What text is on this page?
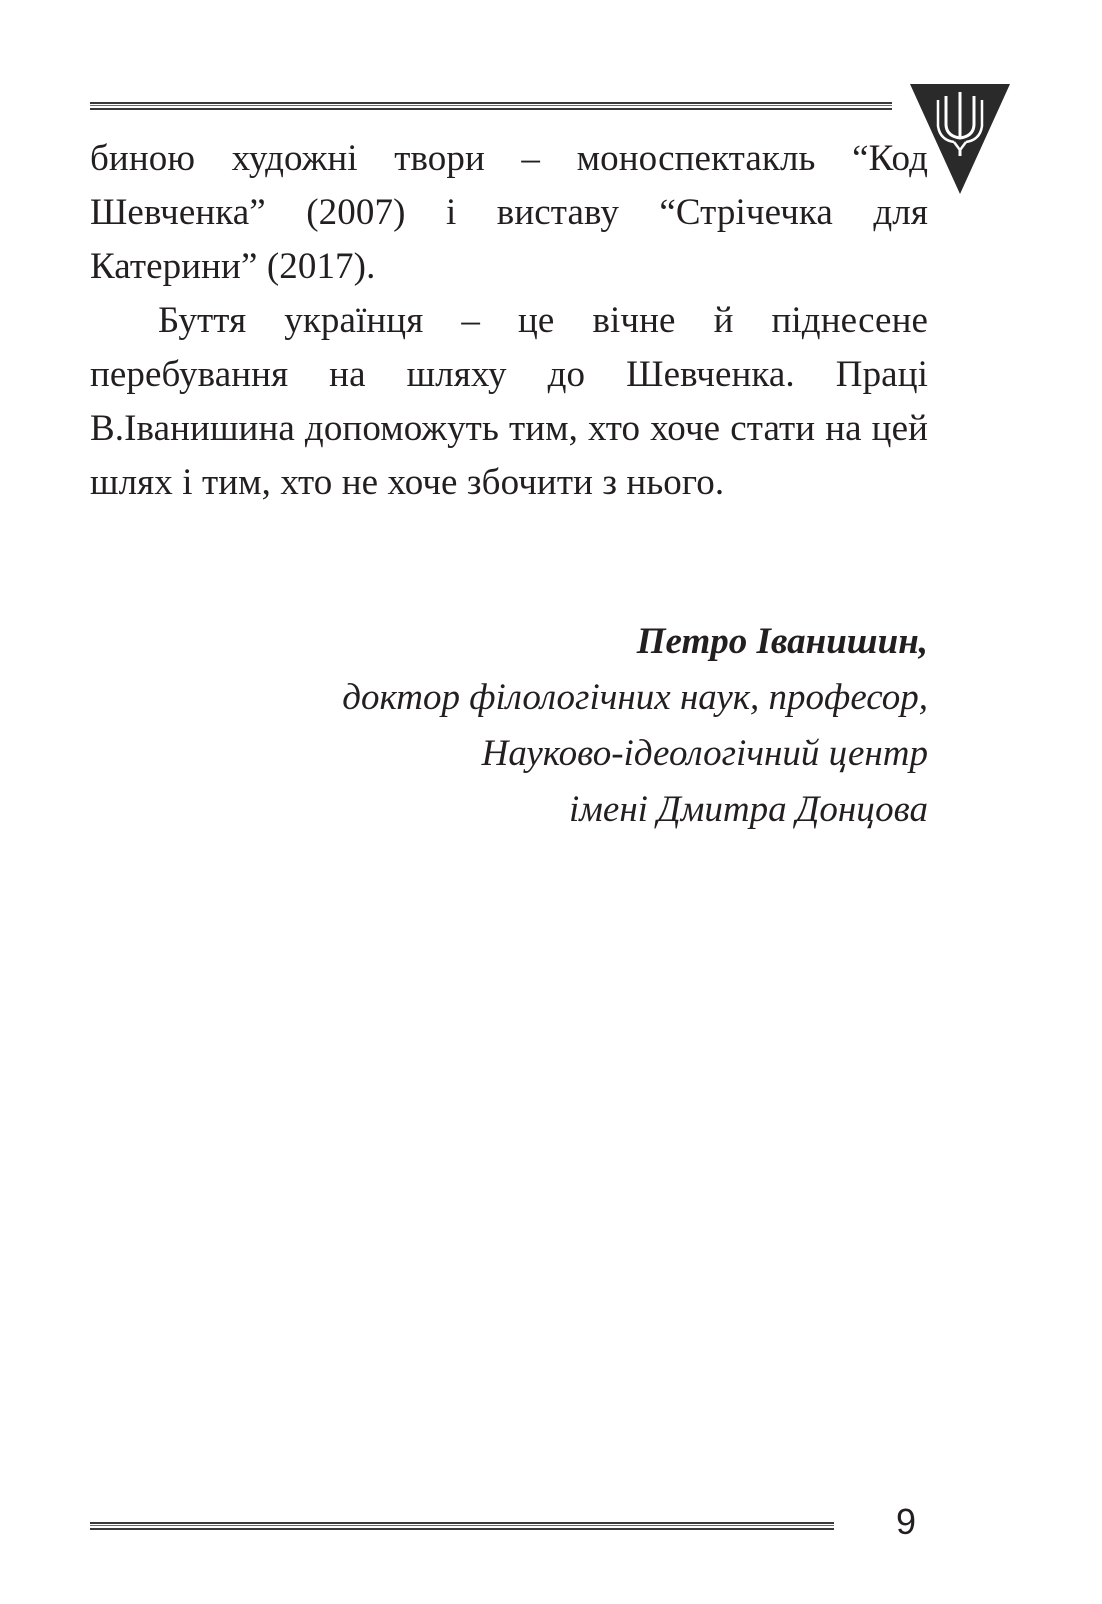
биною художні твори – моноспектакль “Код Шевченка” (2007) і виставу “Стрічечка для Катерини” (2017).
Буття українця – це вічне й піднесене перебування на шляху до Шевченка. Праці В.Іванишина допоможуть тим, хто хоче стати на цей шлях і тим, хто не хоче збочити з нього.
Петро Іванишин,
доктор філологічних наук, професор,
Науково-ідеологічний центр
імені Дмитра Донцова
9
